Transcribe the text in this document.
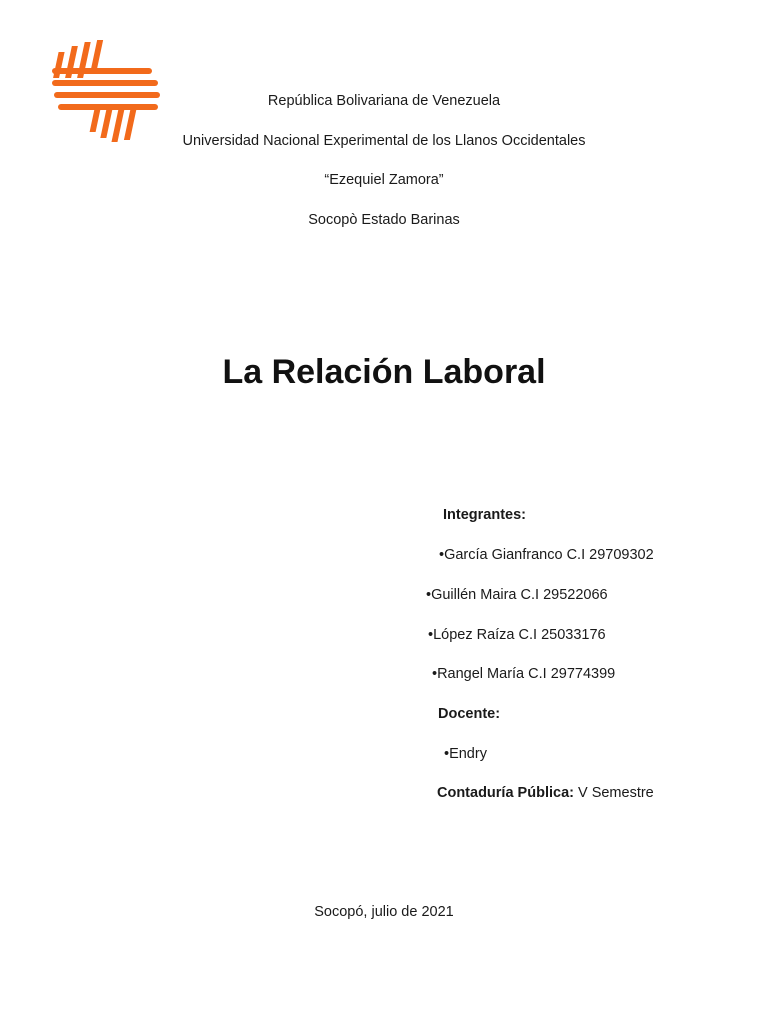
República Bolivariana de Venezuela
Universidad Nacional Experimental de los Llanos Occidentales
“Ezequiel Zamora”
Socopò Estado Barinas
La Relación Laboral
Integrantes:
•García Gianfranco C.I 29709302
•Guillén Maira C.I 29522066
•López Raíza C.I 25033176
•Rangel María C.I 29774399
Docente:
•Endry
Contaduría Pública: V Semestre
Socopó, julio de 2021
